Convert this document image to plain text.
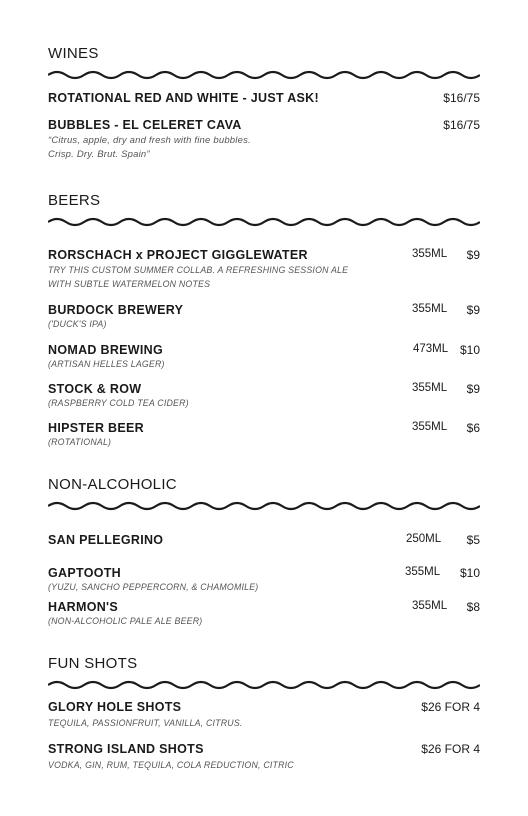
WINES
ROTATIONAL RED AND WHITE - JUST ASK!	$16/75
BUBBLES - EL CELERET CAVA	$16/75
“Citrus, apple, dry and fresh with fine bubbles.
Crisp. Dry. Brut. Spain”
BEERS
RORSCHACH x PROJECT GIGGLEWATER	355ML $9
TRY THIS CUSTOM SUMMER COLLAB. A REFRESHING SESSION ALE
WITH SUBTLE WATERMELON NOTES
BURDOCK BREWERY	355ML $9
('DUCK'S IPA)
NOMAD BREWING	473ML $10
(ARTISAN HELLES LAGER)
STOCK & ROW	355ML $9
(RASPBERRY COLD TEA CIDER)
HIPSTER BEER	355ML $6
(ROTATIONAL)
NON-ALCOHOLIC
SAN PELLEGRINO	250ML $5
GAPTOOTH	355ML $10
(YUZU, SANCHO PEPPERCORN, & CHAMOMILE)
HARMON'S	355ML $8
(NON-ALCOHOLIC PALE ALE BEER)
FUN SHOTS
GLORY HOLE SHOTS	$26 FOR 4
TEQUILA, PASSIONFRUIT, VANILLA, CITRUS.
STRONG ISLAND SHOTS	$26 FOR 4
VODKA, GIN, RUM, TEQUILA, COLA REDUCTION, CITRIC
